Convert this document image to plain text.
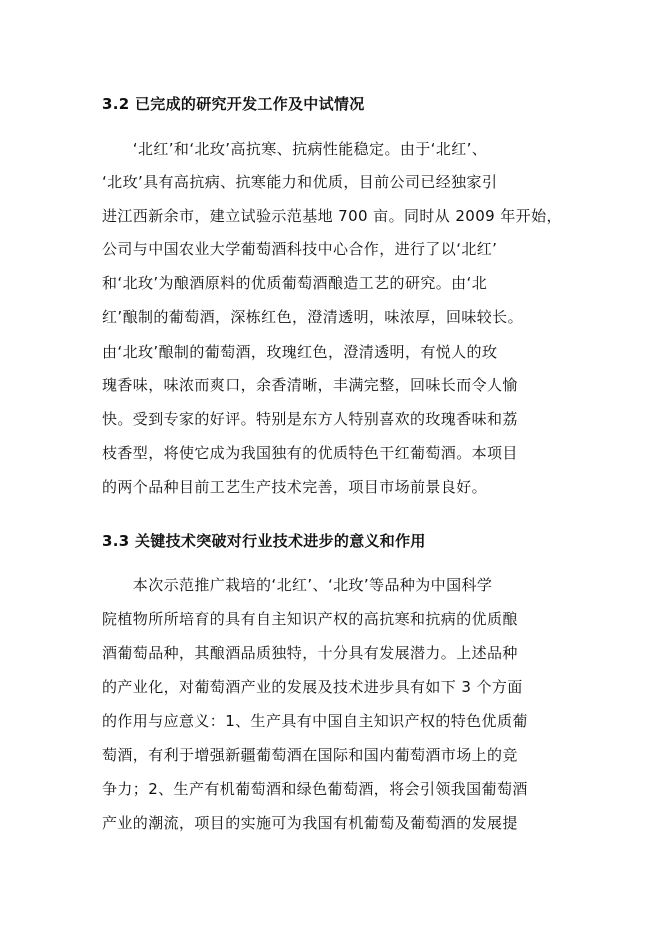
3.2 已完成的研究开发工作及中试情况
　　‘北红’和‘北玫’高抗寒、抗病性能稳定。由于‘北红’、
‘北玫’具有高抗病、抗寒能力和优质，目前公司已经独家引
进江西新余市，建立试验示范基地 700 亩。同时从 2009 年开始，
公司与中国农业大学葡萄酒科技中心合作，进行了以‘北红’
和‘北玫’为酿酒原料的优质葡萄酒酿造工艺的研究。由‘北
红’酿制的葡萄酒，深栋红色，澄清透明，味浓厚，回味较长。
由‘北玫’酿制的葡萄酒，玫瑰红色，澄清透明，有悦人的玫
瑰香味，味浓而爽口，余香清晰，丰满完整，回味长而令人愉
快。受到专家的好评。特别是东方人特别喜欢的玫瑰香味和荔
枝香型，将使它成为我国独有的优质特色干红葡萄酒。本项目
的两个品种目前工艺生产技术完善，项目市场前景良好。
3.3 关键技术突破对行业技术进步的意义和作用
　　本次示范推广栽培的‘北红’、‘北玫’等品种为中国科学
院植物所所培育的具有自主知识产权的高抗寒和抗病的优质酿
酒葡萄品种，其酿酒品质独特，十分具有发展潜力。上述品种
的产业化，对葡萄酒产业的发展及技术进步具有如下 3 个方面
的作用与应意义：1、生产具有中国自主知识产权的特色优质葡
萄酒，有利于增强新疆葡萄酒在国际和国内葡萄酒市场上的竞
争力；2、生产有机葡萄酒和绿色葡萄酒，将会引领我国葡萄酒
产业的潮流，项目的实施可为我国有机葡萄及葡萄酒的发展提
